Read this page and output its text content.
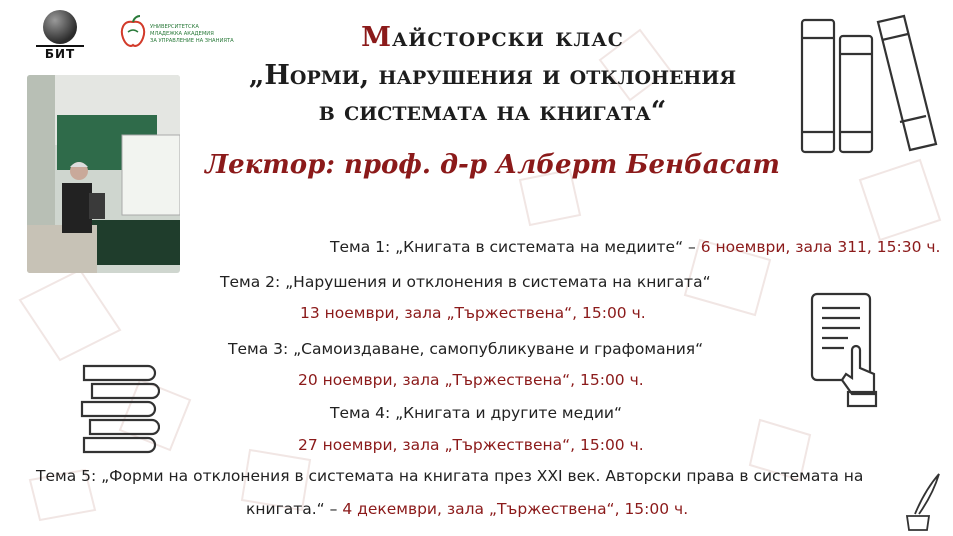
БИТ
УНИВЕРСИТЕТСКА
МЛАДЕЖКА АКАДЕМИЯ
ЗА УПРАВЛЕНИЕ НА ЗНАНИЯТА	Майсторски клас
„Норми, нарушения и отклонения
в системата на книгата“
Лектор: проф. д-р Алберт Бенбасат
Тема 1: „Книгата в системата на медиите“ – 6 ноември, зала 311, 15:30 ч.
Тема 2: „Нарушения и отклонения в системата на книгата“
13 ноември, зала „Тържествена“, 15:00 ч.
Тема 3: „Самоиздаване, самопубликуване и графомания“
20 ноември, зала „Тържествена“, 15:00 ч.
Тема 4: „Книгата и другите медии“
27 ноември, зала „Тържествена“, 15:00 ч.
Тема 5: „Форми на отклонения в системата на книгата през XXI век. Авторски права в системата на
книгата.“ – 4 декември, зала „Тържествена“, 15:00 ч.
